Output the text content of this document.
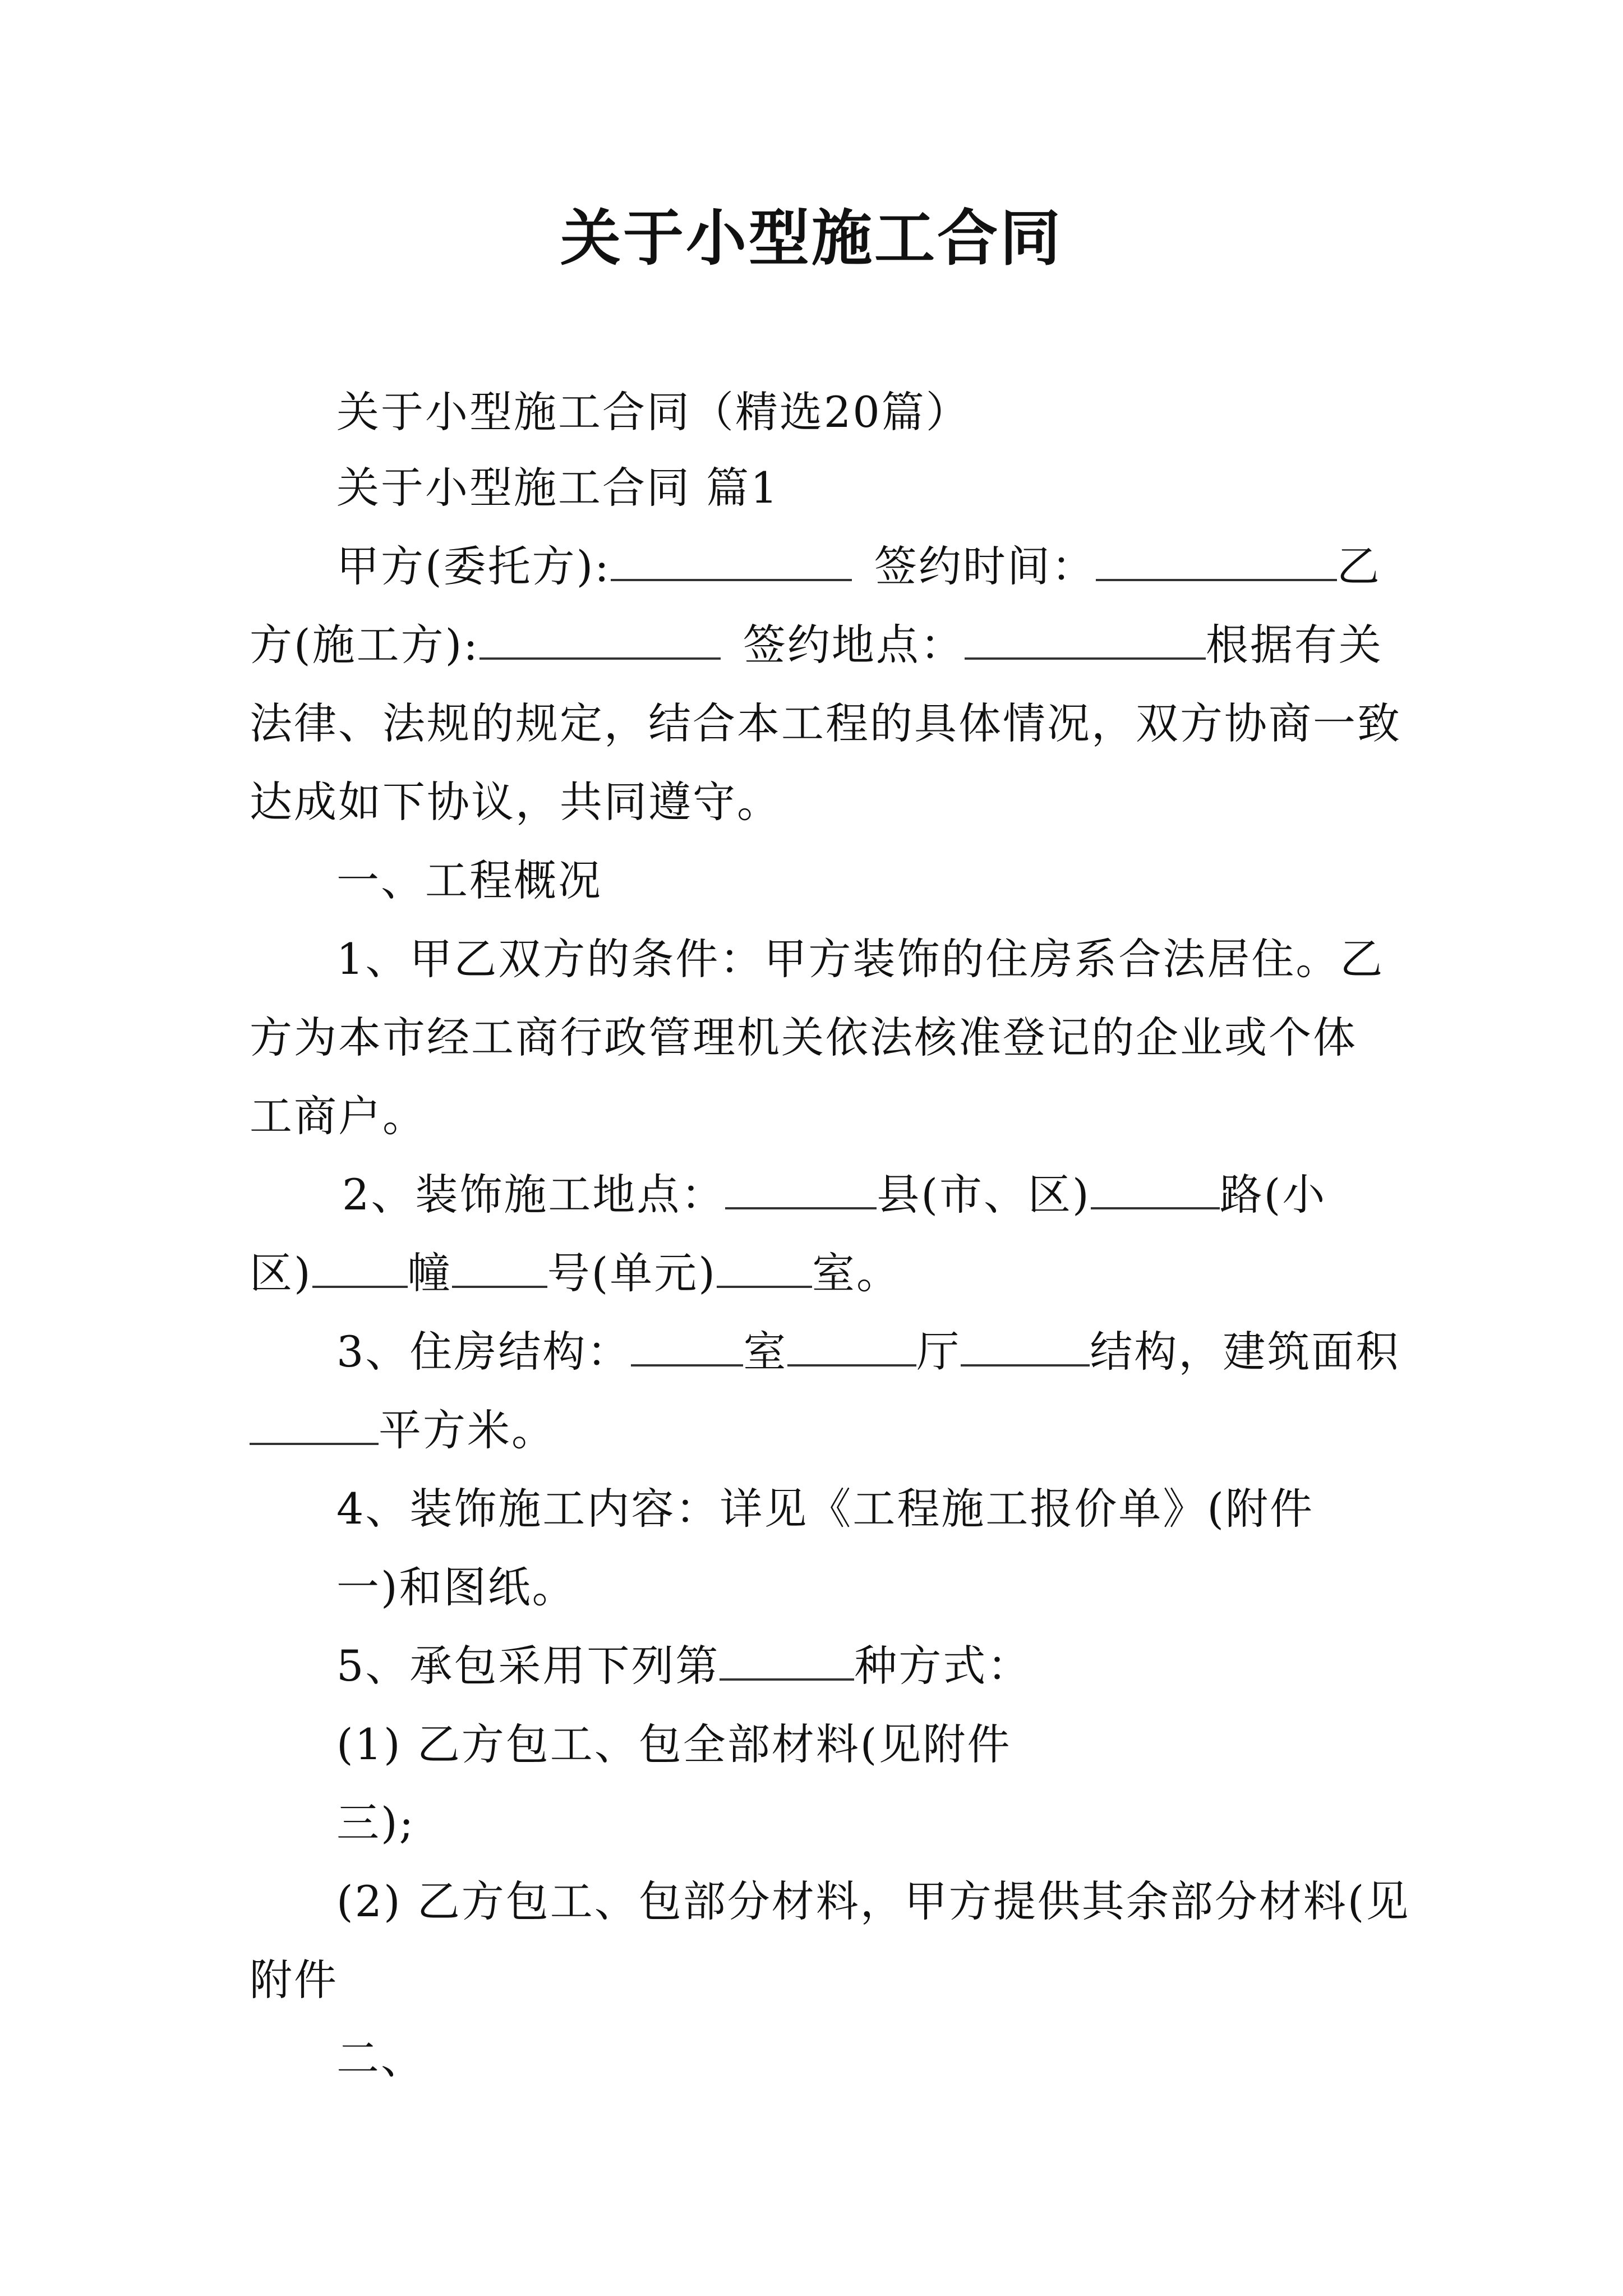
关于小型施工合同
关于小型施工合同（精选20篇）
关于小型施工合同 篇1
甲方(委托方):	签约时间：	乙
方(施工方):	签约地点：	根据有关
法律、法规的规定，结合本工程的具体情况，双方协商一致
达成如下协议，共同遵守。
一、工程概况
1、甲乙双方的条件：甲方装饰的住房系合法居住。乙
方为本市经工商行政管理机关依法核准登记的企业或个体
工商户。
2、装饰施工地点：	县(市、区)	路(小
区) 幢 号(单元) 室。
3、住房结构：	室	厅	结构，建筑面积
平方米。
4、装饰施工内容：详见《工程施工报价单》(附件
一)和图纸。
5、承包采用下列第	种方式：
(1) 乙方包工、包全部材料(见附件
三);
(2) 乙方包工、包部分材料，甲方提供其余部分材料(见
附件
二、
